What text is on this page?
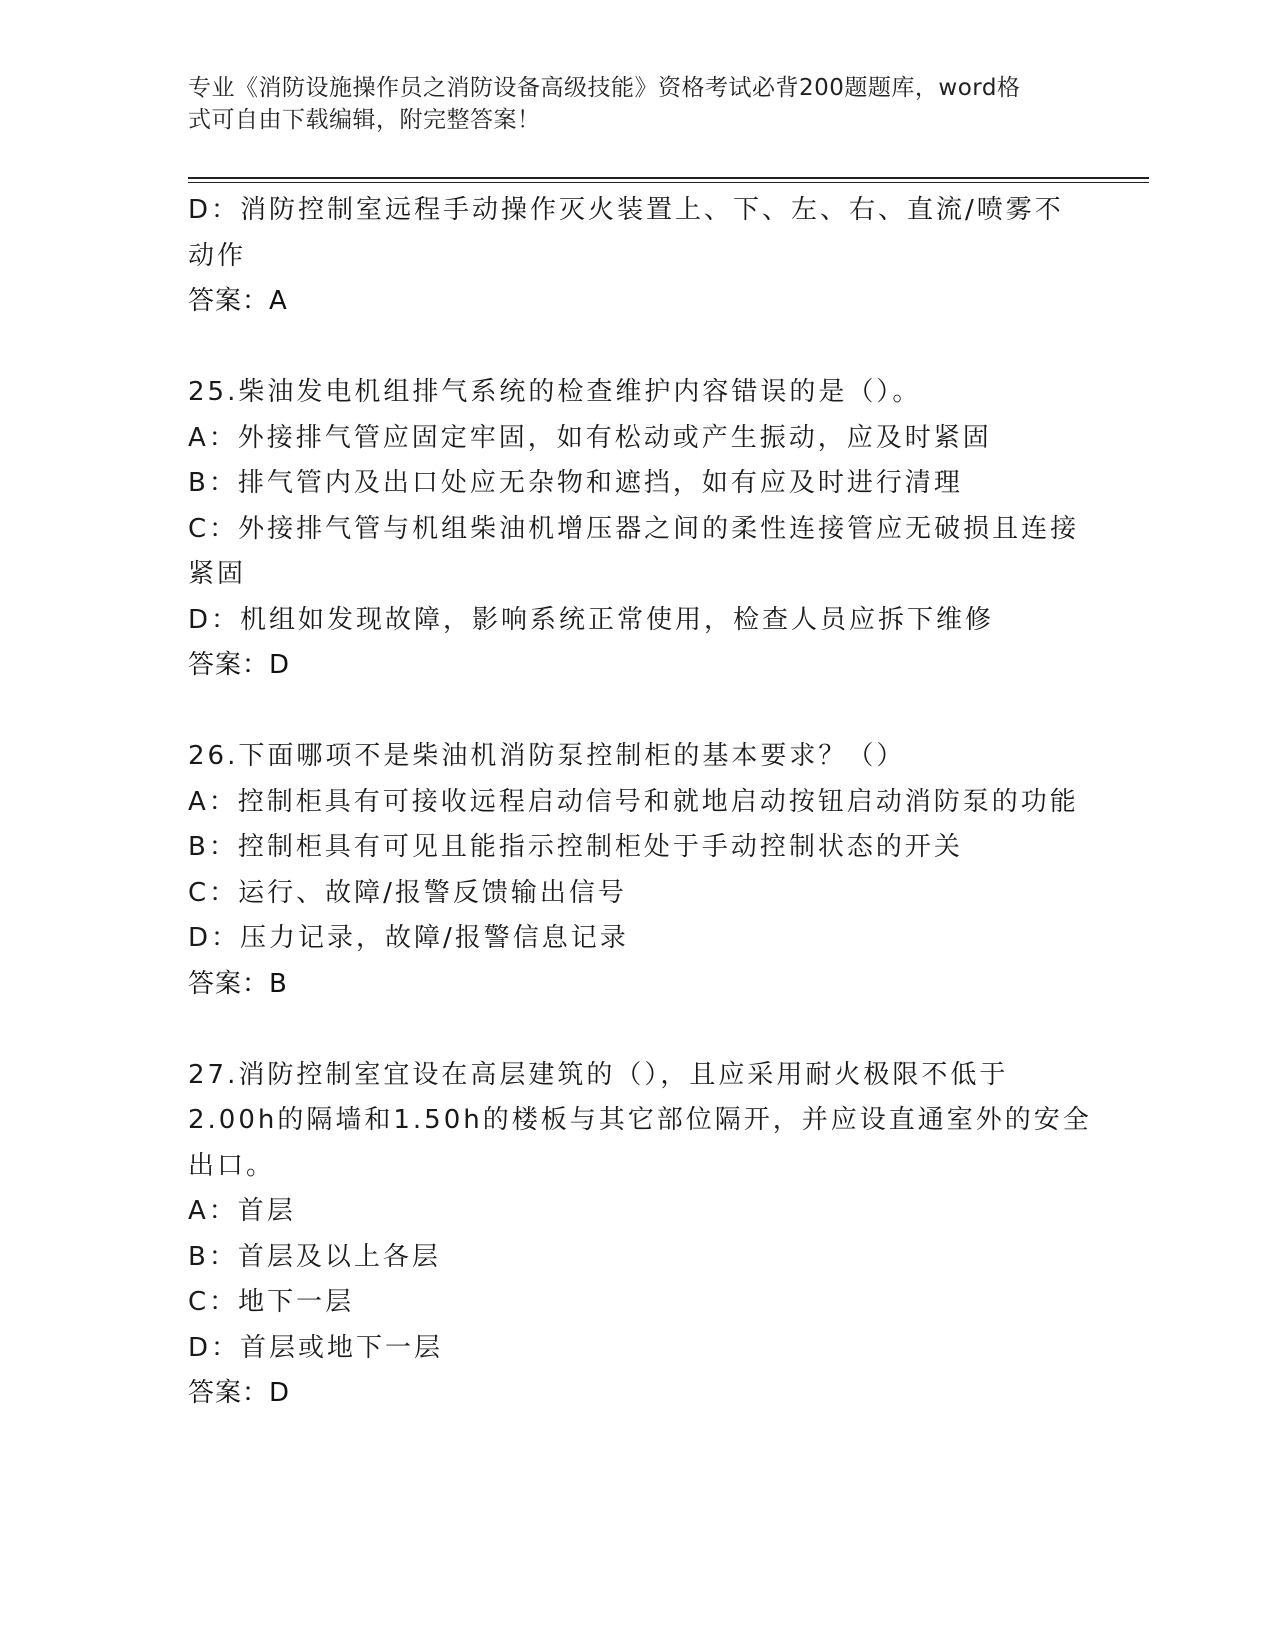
专业《消防设施操作员之消防设备高级技能》资格考试必背200题题库，word格
式可自由下载编辑，附完整答案！

D：消防控制室远程手动操作灭火装置上、下、左、右、直流/喷雾不

动作

答案：A

25.柴油发电机组排气系统的检查维护内容错误的是（）。

A：外接排气管应固定牢固，如有松动或产生振动，应及时紧固

B：排气管内及出口处应无杂物和遮挡，如有应及时进行清理

C：外接排气管与机组柴油机增压器之间的柔性连接管应无破损且连接

紧固

D：机组如发现故障，影响系统正常使用，检查人员应拆下维修

答案：D

26.下面哪项不是柴油机消防泵控制柜的基本要求？（）

A：控制柜具有可接收远程启动信号和就地启动按钮启动消防泵的功能

B：控制柜具有可见且能指示控制柜处于手动控制状态的开关

C：运行、故障/报警反馈输出信号

D：压力记录，故障/报警信息记录

答案：B

27.消防控制室宜设在高层建筑的（），且应采用耐火极限不低于

2.00h的隔墙和1.50h的楼板与其它部位隔开，并应设直通室外的安全

出口。

A：首层

B：首层及以上各层

C：地下一层

D：首层或地下一层

答案：D
